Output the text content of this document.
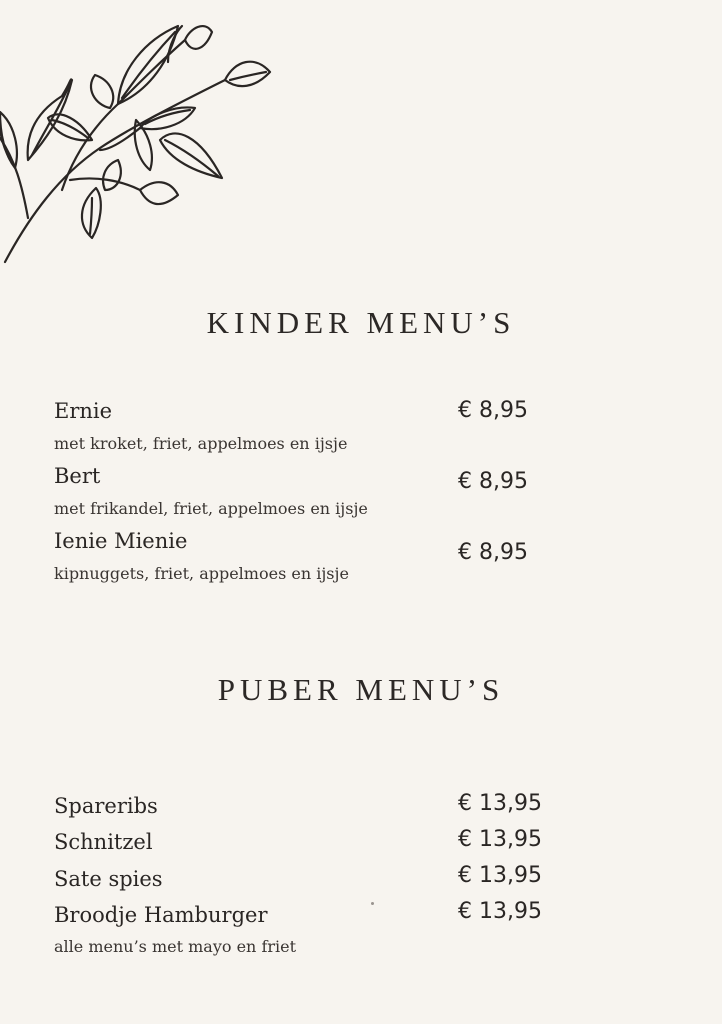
KINDER MENU’S
Ernie
met kroket, friet, appelmoes en ijsje
€ 8,95
Bert
met frikandel, friet, appelmoes en ijsje
€ 8,95
Ienie Mienie
kipnuggets, friet, appelmoes en ijsje
€ 8,95
PUBER MENU’S
Spareribs	€ 13,95
Schnitzel	€ 13,95
Sate spies	€ 13,95
Broodje Hamburger	€ 13,95
alle menu’s met mayo en friet
